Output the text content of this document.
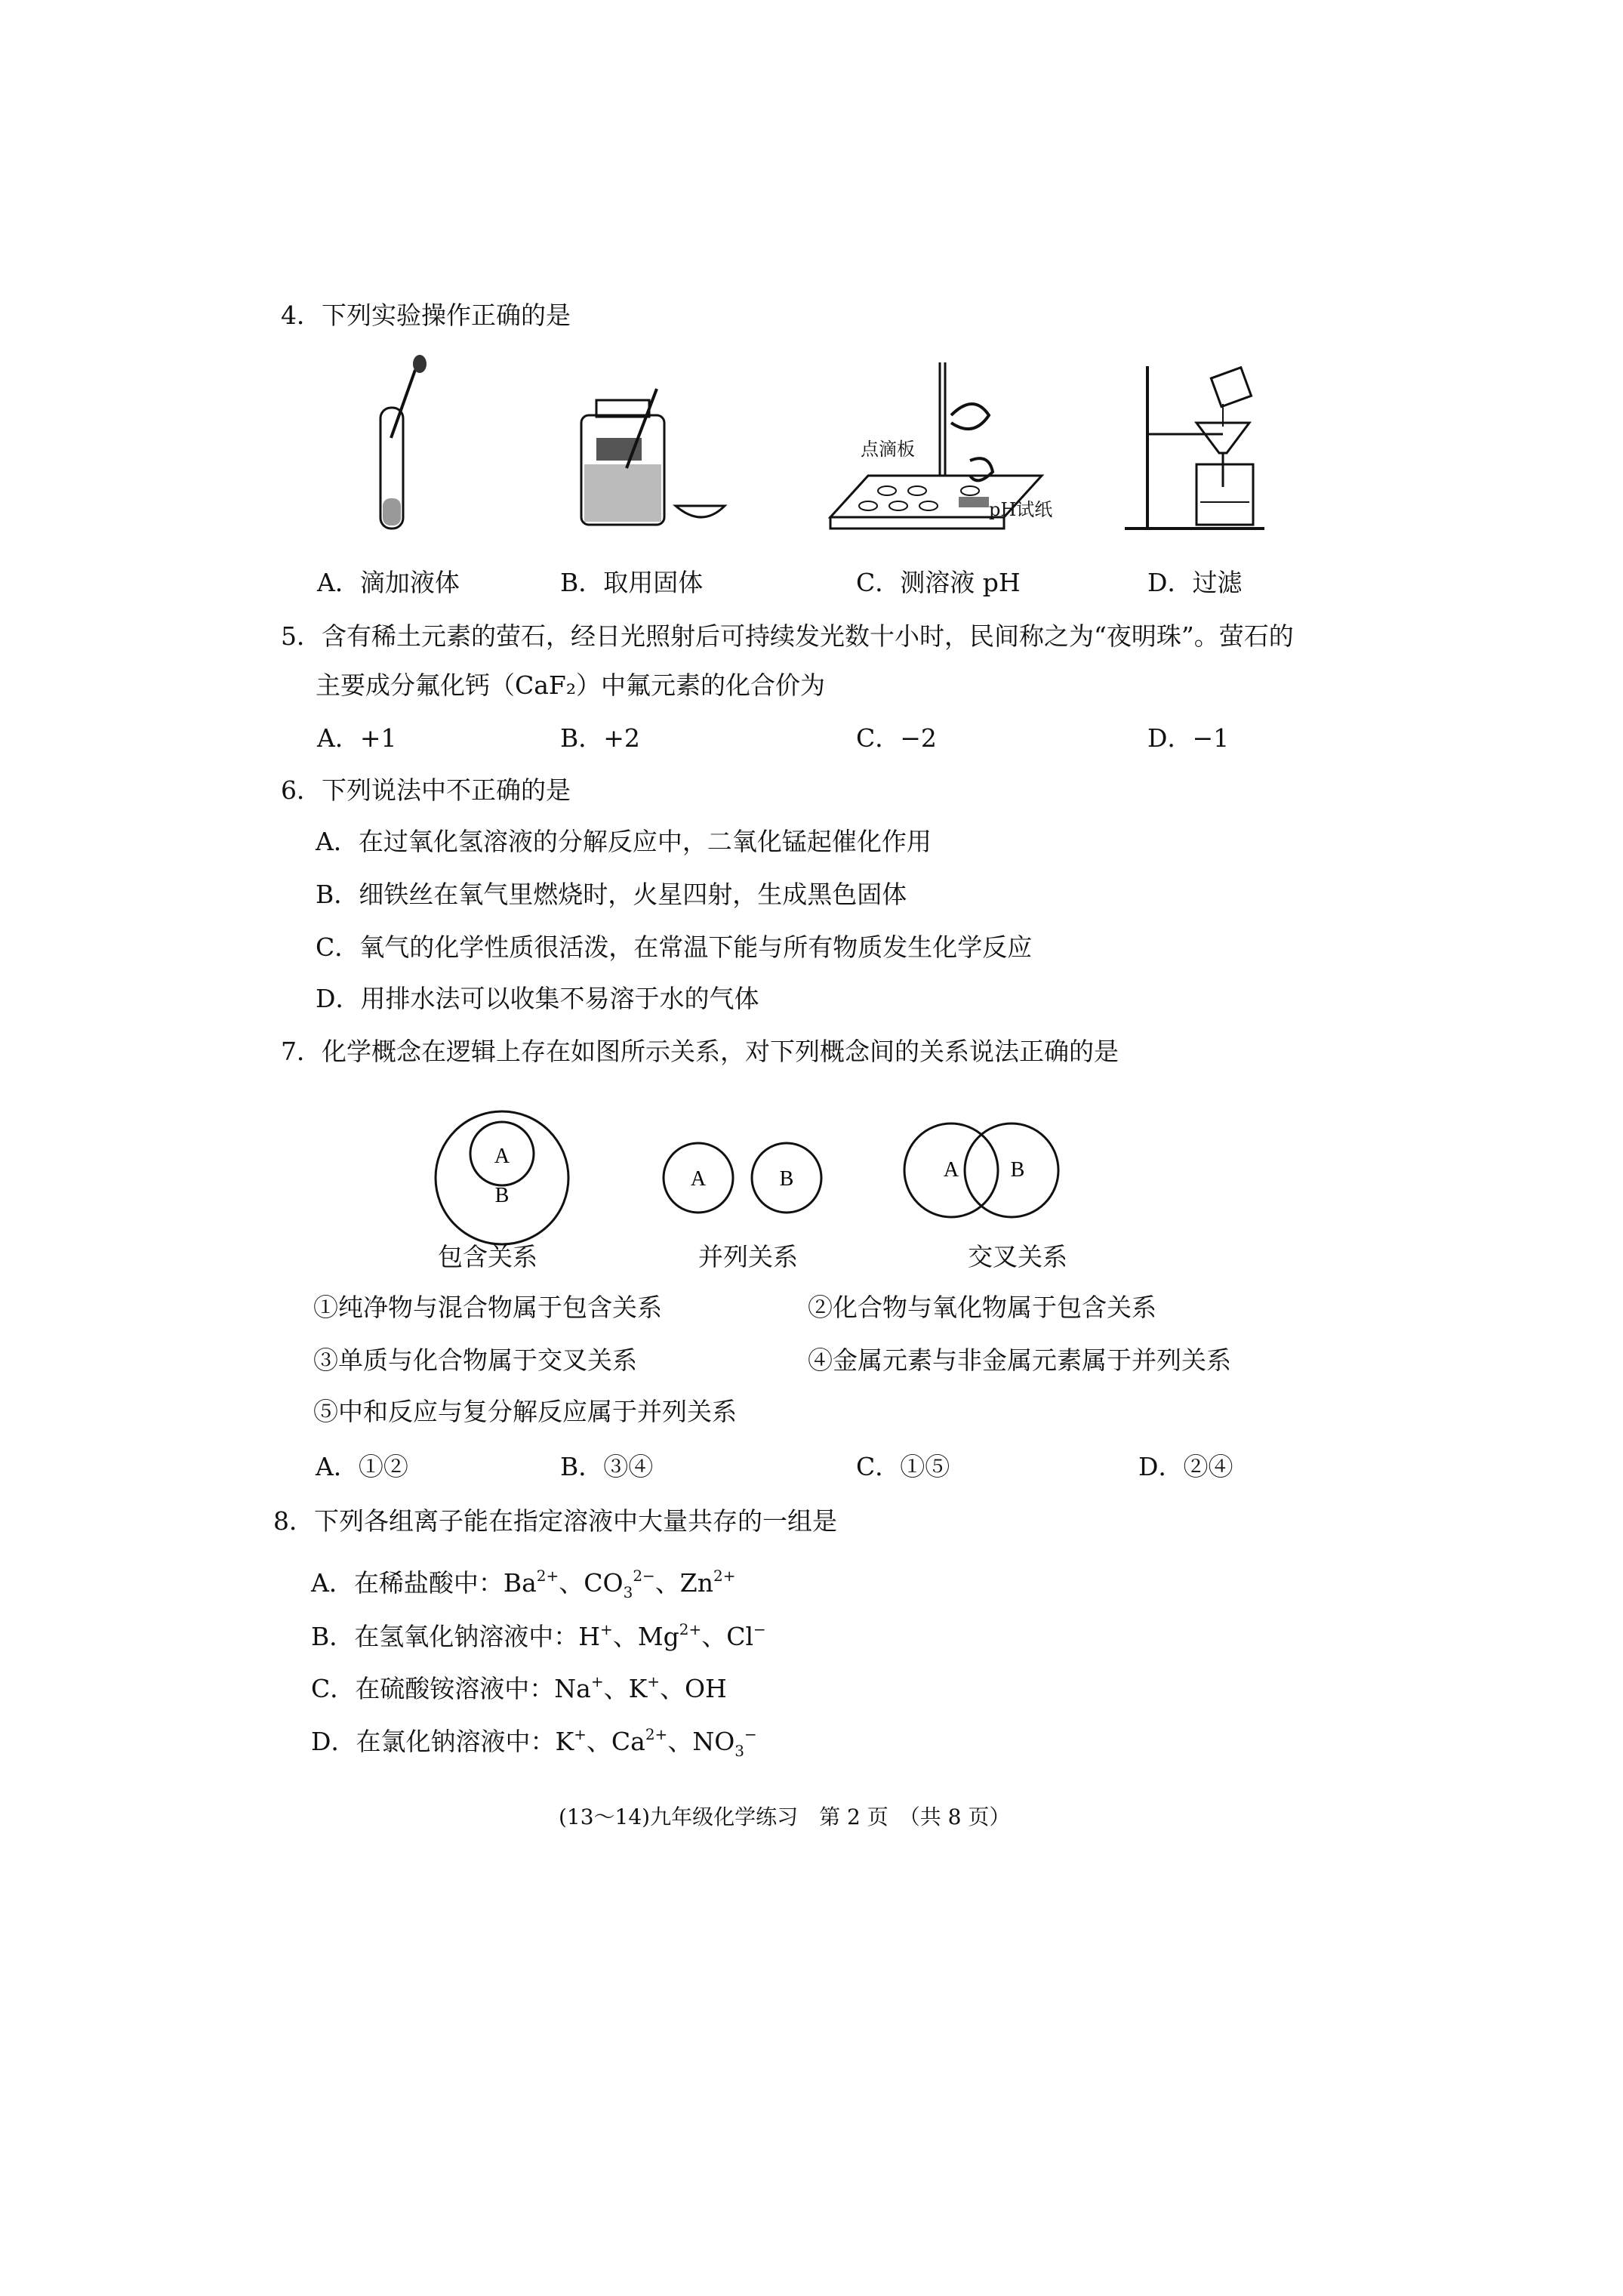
4．下列实验操作正确的是
点滴板
pH试纸
A．滴加液体	B．取用固体	C．测溶液 pH	D．过滤
5．含有稀土元素的萤石，经日光照射后可持续发光数十小时，民间称之为“夜明珠”。萤石的
主要成分氟化钙（CaF₂）中氟元素的化合价为
A．+1	B．+2	C．−2	D．−1
6．下列说法中不正确的是
A．在过氧化氢溶液的分解反应中，二氧化锰起催化作用
B．细铁丝在氧气里燃烧时，火星四射，生成黑色固体
C．氧气的化学性质很活泼，在常温下能与所有物质发生化学反应
D．用排水法可以收集不易溶于水的气体
7．化学概念在逻辑上存在如图所示关系，对下列概念间的关系说法正确的是
A
B
A	B	A B
包含关系	并列关系	交叉关系
①纯净物与混合物属于包含关系	②化合物与氧化物属于包含关系
③单质与化合物属于交叉关系	④金属元素与非金属元素属于并列关系
⑤中和反应与复分解反应属于并列关系
A．①②	B．③④	C．①⑤	D．②④
8．下列各组离子能在指定溶液中大量共存的一组是
A．在稀盐酸中：$Ba^{2+}$、$CO_3^{2-}$、$Zn^{2+}$
B．在氢氧化钠溶液中：H+、$Mg^{2+}$、Cl−
C．在硫酸铵溶液中：Na+、K+、OH
D．在氯化钠溶液中：K+、$Ca^{2+}$、$NO_3^-$
(13～14)九年级化学练习　第 2 页　（共 8 页）
